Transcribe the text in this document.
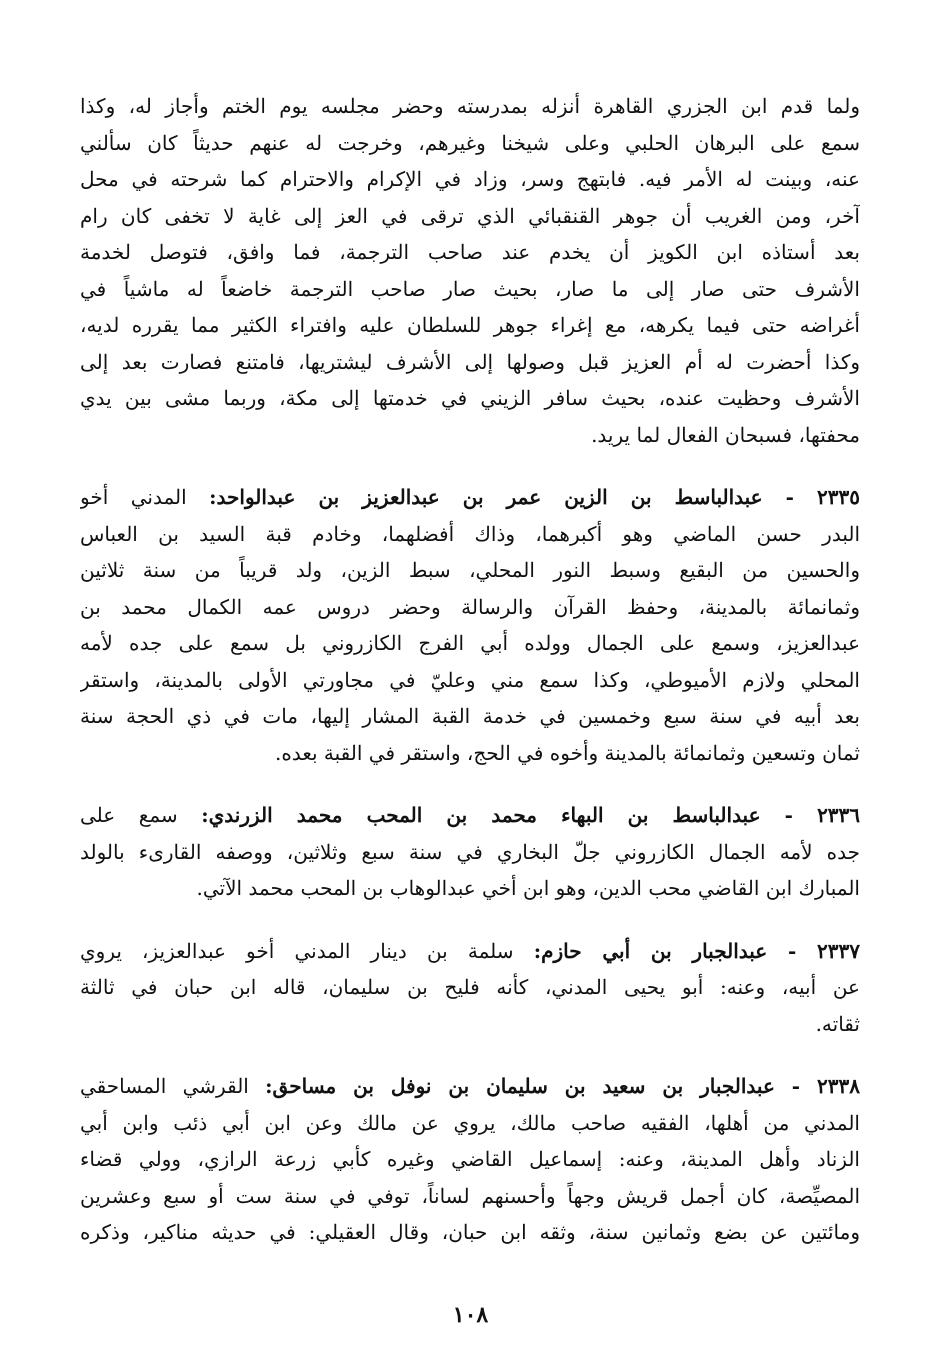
ولما قدم ابن الجزري القاهرة أنزله بمدرسته وحضر مجلسه يوم الختم وأجاز له، وكذا
سمع على البرهان الحلبي وعلى شيخنا وغيرهم، وخرجت له عنهم حديثاً كان سألني
عنه، وبينت له الأمر فيه. فابتهج وسر، وزاد في الإكرام والاحترام كما شرحته في محل
آخر، ومن الغريب أن جوهر القنقبائي الذي ترقى في العز إلى غاية لا تخفى كان رام
بعد أستاذه ابن الكويز أن يخدم عند صاحب الترجمة، فما وافق، فتوصل لخدمة
الأشرف حتى صار إلى ما صار، بحيث صار صاحب الترجمة خاضعاً له ماشياً في
أغراضه حتى فيما يكرهه، مع إغراء جوهر للسلطان عليه وافتراء الكثير مما يقرره لديه،
وكذا أحضرت له أم العزيز قبل وصولها إلى الأشرف ليشتريها، فامتنع فصارت بعد إلى
الأشرف وحظيت عنده، بحيث سافر الزيني في خدمتها إلى مكة، وربما مشى بين يدي
محفتها، فسبحان الفعال لما يريد.
٢٣٣٥ - عبدالباسط بن الزين عمر بن عبدالعزيز بن عبدالواحد: المدني أخو
البدر حسن الماضي وهو أكبرهما، وذاك أفضلهما، وخادم قبة السيد بن العباس
والحسين من البقيع وسبط النور المحلي، سبط الزين، ولد قريباً من سنة ثلاثين
وثمانمائة بالمدينة، وحفظ القرآن والرسالة وحضر دروس عمه الكمال محمد بن
عبدالعزيز، وسمع على الجمال وولده أبي الفرج الكازروني بل سمع على جده لأمه
المحلي ولازم الأميوطي، وكذا سمع مني وعليّ في مجاورتي الأولى بالمدينة، واستقر
بعد أبيه في سنة سبع وخمسين في خدمة القبة المشار إليها، مات في ذي الحجة سنة
ثمان وتسعين وثمانمائة بالمدينة وأخوه في الحج، واستقر في القبة بعده.
٢٣٣٦ - عبدالباسط بن البهاء محمد بن المحب محمد الزرندي: سمع على
جده لأمه الجمال الكازروني جلّ البخاري في سنة سبع وثلاثين، ووصفه القارىء بالولد
المبارك ابن القاضي محب الدين، وهو ابن أخي عبدالوهاب بن المحب محمد الآتي.
٢٣٣٧ - عبدالجبار بن أبي حازم: سلمة بن دينار المدني أخو عبدالعزيز، يروي
عن أبيه، وعنه: أبو يحيى المدني، كأنه فليح بن سليمان، قاله ابن حبان في ثالثة
ثقاته.
٢٣٣٨ - عبدالجبار بن سعيد بن سليمان بن نوفل بن مساحق: القرشي المساحقي
المدني من أهلها، الفقيه صاحب مالك، يروي عن مالك وعن ابن أبي ذئب وابن أبي
الزناد وأهل المدينة، وعنه: إسماعيل القاضي وغيره كأبي زرعة الرازي، وولي قضاء
المصيِّصة، كان أجمل قريش وجهاً وأحسنهم لساناً، توفي في سنة ست أو سبع وعشرين
ومائتين عن بضع وثمانين سنة، وثقه ابن حبان، وقال العقيلي: في حديثه مناكير، وذكره
١٠٨
